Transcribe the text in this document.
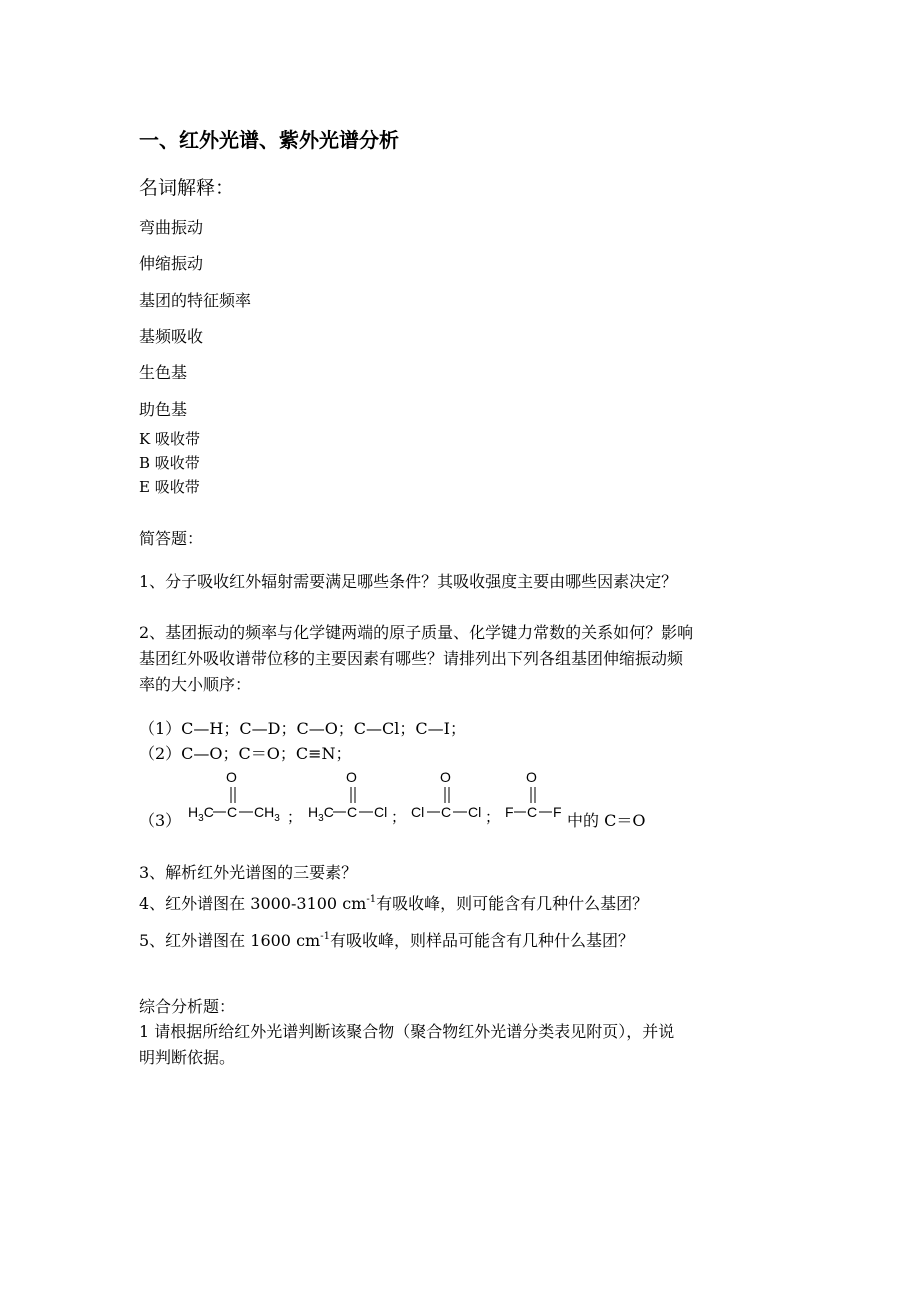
一、红外光谱、紫外光谱分析
名词解释：
弯曲振动
伸缩振动
基团的特征频率
基频吸收
生色基
助色基
K 吸收带
B 吸收带
E 吸收带
简答题：
1、分子吸收红外辐射需要满足哪些条件？其吸收强度主要由哪些因素决定？
2、基团振动的频率与化学键两端的原子质量、化学键力常数的关系如何？影响
基团红外吸收谱带位移的主要因素有哪些？请排列出下列各组基团伸缩振动频
率的大小顺序：
（1）C—H；C—D；C—O；C—Cl；C—I；
（2）C—O；C＝O；C≡N；
（3）
O
$H_3C$ C $CH_3$ ；
O
$H_3C$ C Cl ；
O
Cl C Cl ；
O
F C F 中的 C＝O
3、解析红外光谱图的三要素？
4、红外谱图在 3000-3100 $cm^{-1}$有吸收峰，则可能含有几种什么基团？
5、红外谱图在 1600 $cm^{-1}$有吸收峰，则样品可能含有几种什么基团？
综合分析题：
1 请根据所给红外光谱判断该聚合物（聚合物红外光谱分类表见附页），并说
明判断依据。
